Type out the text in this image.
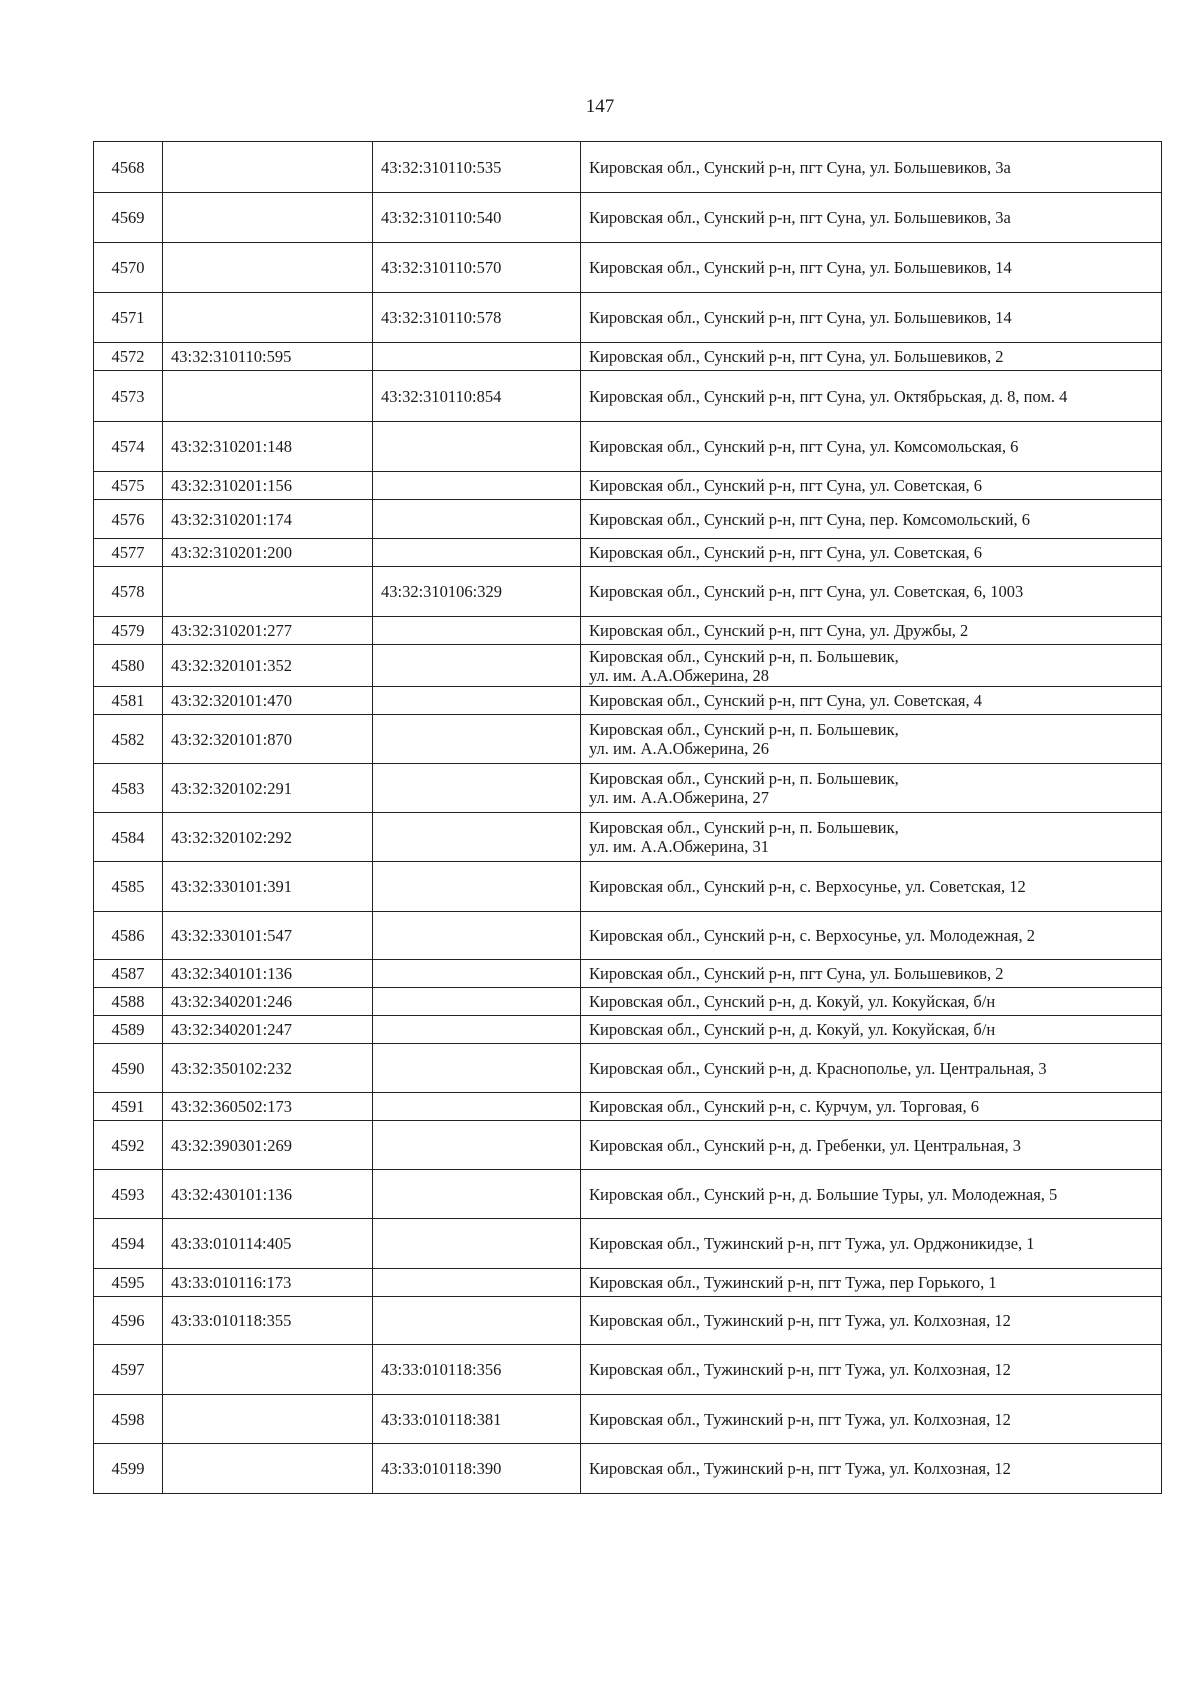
147
4568		43:32:310110:535	Кировская обл., Сунский р-н, пгт Суна, ул. Большевиков, 3а

4569		43:32:310110:540	Кировская обл., Сунский р-н, пгт Суна, ул. Большевиков, 3а

4570		43:32:310110:570	Кировская обл., Сунский р-н, пгт Суна, ул. Большевиков, 14

4571		43:32:310110:578	Кировская обл., Сунский р-н, пгт Суна, ул. Большевиков, 14

4572	43:32:310110:595		Кировская обл., Сунский р-н, пгт Суна, ул. Большевиков, 2

4573		43:32:310110:854	Кировская обл., Сунский р-н, пгт Суна, ул. Октябрьская, д. 8, пом. 4

4574	43:32:310201:148		Кировская обл., Сунский р-н, пгт Суна, ул. Комсомольская, 6

4575	43:32:310201:156		Кировская обл., Сунский р-н, пгт Суна, ул. Советская, 6

4576	43:32:310201:174		Кировская обл., Сунский р-н, пгт Суна, пер. Комсомольский, 6

4577	43:32:310201:200		Кировская обл., Сунский р-н, пгт Суна, ул. Советская, 6

4578		43:32:310106:329	Кировская обл., Сунский р-н, пгт Суна, ул. Советская, 6, 1003

4579	43:32:310201:277		Кировская обл., Сунский р-н, пгт Суна, ул. Дружбы, 2

4580	43:32:320101:352		Кировская обл., Сунский р-н, п. Большевик,
ул. им. А.А.Обжерина, 28

4581	43:32:320101:470		Кировская обл., Сунский р-н, пгт Суна, ул. Советская, 4

4582	43:32:320101:870		Кировская обл., Сунский р-н, п. Большевик,
ул. им. А.А.Обжерина, 26

4583	43:32:320102:291		Кировская обл., Сунский р-н, п. Большевик,
ул. им. А.А.Обжерина, 27

4584	43:32:320102:292		Кировская обл., Сунский р-н, п. Большевик,
ул. им. А.А.Обжерина, 31

4585	43:32:330101:391		Кировская обл., Сунский р-н, с. Верхосунье, ул. Советская, 12

4586	43:32:330101:547		Кировская обл., Сунский р-н, с. Верхосунье, ул. Молодежная, 2

4587	43:32:340101:136		Кировская обл., Сунский р-н, пгт Суна, ул. Большевиков, 2

4588	43:32:340201:246		Кировская обл., Сунский р-н, д. Кокуй, ул. Кокуйская, б/н

4589	43:32:340201:247		Кировская обл., Сунский р-н, д. Кокуй, ул. Кокуйская, б/н

4590	43:32:350102:232		Кировская обл., Сунский р-н, д. Краснополье, ул. Центральная, 3

4591	43:32:360502:173		Кировская обл., Сунский р-н, с. Курчум, ул. Торговая, 6

4592	43:32:390301:269		Кировская обл., Сунский р-н, д. Гребенки, ул. Центральная, 3

4593	43:32:430101:136		Кировская обл., Сунский р-н, д. Большие Туры, ул. Молодежная, 5

4594	43:33:010114:405		Кировская обл., Тужинский р-н, пгт Тужа, ул. Орджоникидзе, 1

4595	43:33:010116:173		Кировская обл., Тужинский р-н, пгт Тужа, пер Горького, 1

4596	43:33:010118:355		Кировская обл., Тужинский р-н, пгт Тужа, ул. Колхозная, 12

4597		43:33:010118:356	Кировская обл., Тужинский р-н, пгт Тужа, ул. Колхозная, 12

4598		43:33:010118:381	Кировская обл., Тужинский р-н, пгт Тужа, ул. Колхозная, 12

4599		43:33:010118:390	Кировская обл., Тужинский р-н, пгт Тужа, ул. Колхозная, 12
